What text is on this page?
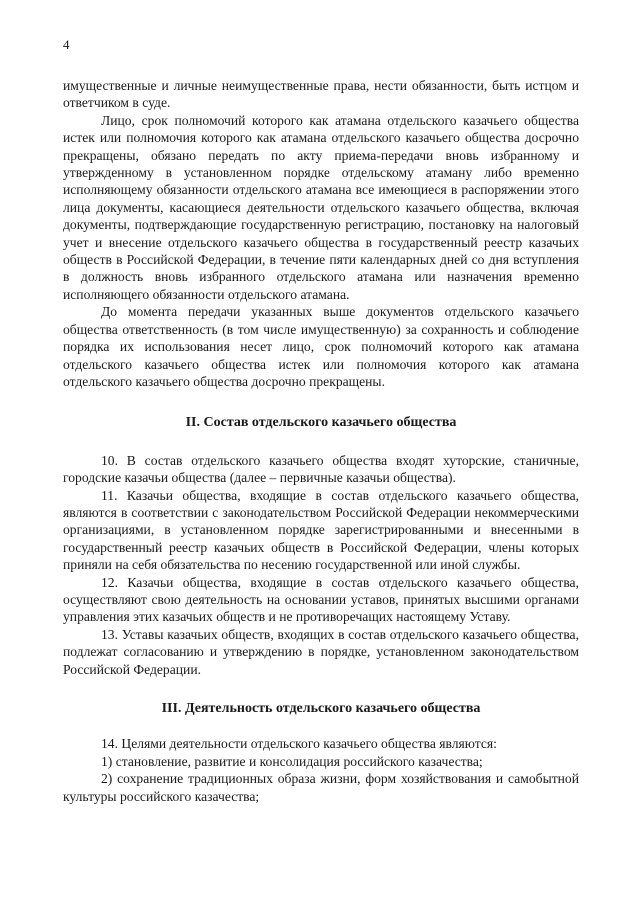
4

имущественные и личные неимущественные права, нести обязанности, быть истцом и ответчиком в суде.

Лицо, срок полномочий которого как атамана отдельского казачьего общества истек или полномочия которого как атамана отдельского казачьего общества досрочно прекращены, обязано передать по акту приема-передачи вновь избранному и утвержденному в установленном порядке отдельскому атаману либо временно исполняющему обязанности отдельского атамана все имеющиеся в распоряжении этого лица документы, касающиеся деятельности отдельского казачьего общества, включая документы, подтверждающие государственную регистрацию, постановку на налоговый учет и внесение отдельского казачьего общества в государственный реестр казачьих обществ в Российской Федерации, в течение пяти календарных дней со дня вступления в должность вновь избранного отдельского атамана или назначения временно исполняющего обязанности отдельского атамана.

До момента передачи указанных выше документов отдельского казачьего общества ответственность (в том числе имущественную) за сохранность и соблюдение порядка их использования несет лицо, срок полномочий которого как атамана отдельского казачьего общества истек или полномочия которого как атамана отдельского казачьего общества досрочно прекращены.

II. Состав отдельского казачьего общества

10. В состав отдельского казачьего общества входят хуторские, станичные, городские казачьи общества (далее – первичные казачьи общества).

11. Казачьи общества, входящие в состав отдельского казачьего общества, являются в соответствии с законодательством Российской Федерации некоммерческими организациями, в установленном порядке зарегистрированными и внесенными в государственный реестр казачьих обществ в Российской Федерации, члены которых приняли на себя обязательства по несению государственной или иной службы.

12. Казачьи общества, входящие в состав отдельского казачьего общества, осуществляют свою деятельность на основании уставов, принятых высшими органами управления этих казачьих обществ и не противоречащих настоящему Уставу.

13. Уставы казачьих обществ, входящих в состав отдельского казачьего общества, подлежат согласованию и утверждению в порядке, установленном законодательством Российской Федерации.

III. Деятельность отдельского казачьего общества

14. Целями деятельности отдельского казачьего общества являются:

1) становление, развитие и консолидация российского казачества;

2) сохранение традиционных образа жизни, форм хозяйствования и самобытной культуры российского казачества;
